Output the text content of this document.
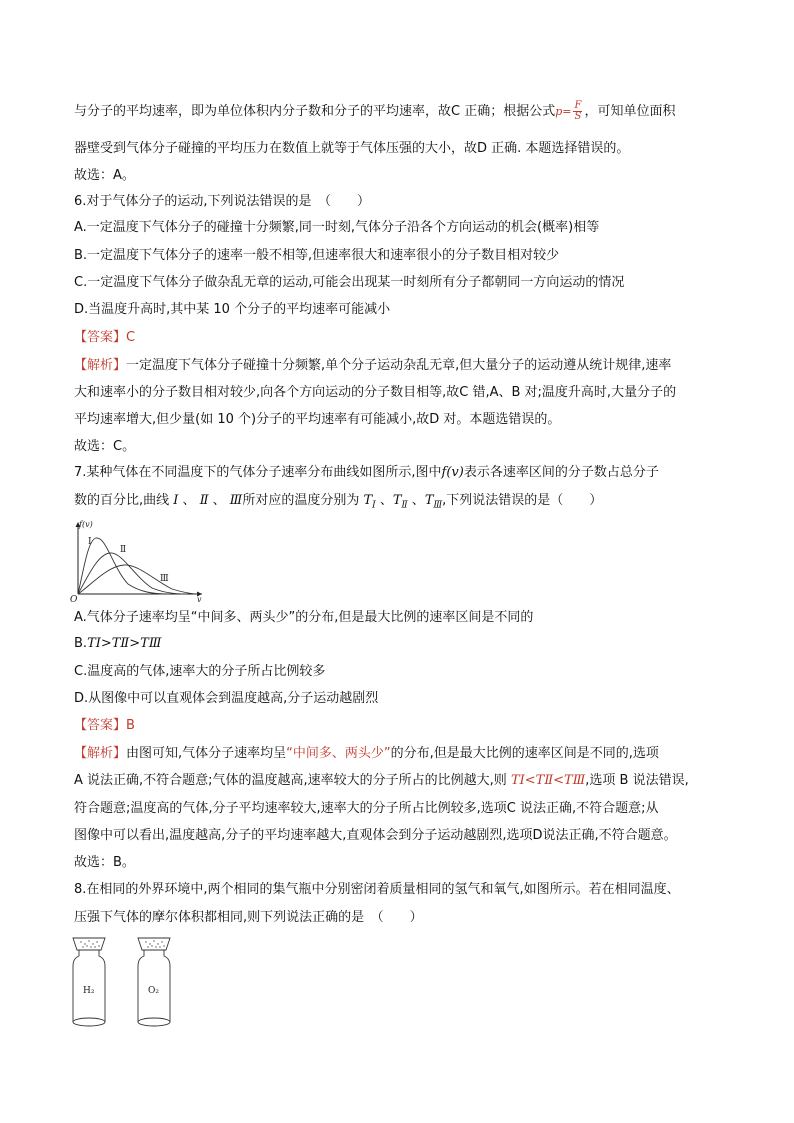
与分子的平均速率，即为单位体积内分子数和分子的平均速率，故C 正确；根据公式$p= \frac{F}{S}$ ，可知单位面积
器壁受到气体分子碰撞的平均压力在数值上就等于气体压强的大小，故D 正确. 本题选择错误的。
故选：A。
6.对于气体分子的运动,下列说法错误的是　（　　）
A.一定温度下气体分子的碰撞十分频繁,同一时刻,气体分子沿各个方向运动的机会(概率)相等
B.一定温度下气体分子的速率一般不相等,但速率很大和速率很小的分子数目相对较少
C.一定温度下气体分子做杂乱无章的运动,可能会出现某一时刻所有分子都朝同一方向运动的情况
D.当温度升高时,其中某 10 个分子的平均速率可能减小
【答案】C
【解析】一定温度下气体分子碰撞十分频繁,单个分子运动杂乱无章,但大量分子的运动遵从统计规律,速率
大和速率小的分子数目相对较少,向各个方向运动的分子数目相等,故C 错,A、B 对;温度升高时,大量分子的
平均速率增大,但少量(如 10 个)分子的平均速率有可能减小,故D 对。本题选错误的。
故选：C。
7.某种气体在不同温度下的气体分子速率分布曲线如图所示,图中f(v)表示各速率区间的分子数占总分子
数的百分比,曲线 Ⅰ 、 Ⅱ 、 Ⅲ所对应的温度分别为 $T_Ⅰ$ 、$T_Ⅱ$ 、$T_Ⅲ$,下列说法错误的是（　　）
f(v)
v
O
Ⅰ
Ⅱ
Ⅲ
A.气体分子速率均呈“中间多、两头少”的分布,但是最大比例的速率区间是不同的
B.TⅠ>TⅡ>TⅢ
C.温度高的气体,速率大的分子所占比例较多
D.从图像中可以直观体会到温度越高,分子运动越剧烈
【答案】B
【解析】由图可知,气体分子速率均呈“中间多、两头少”的分布,但是最大比例的速率区间是不同的,选项
A 说法正确,不符合题意;气体的温度越高,速率较大的分子所占的比例越大,则 TⅠ<TⅡ<TⅢ,选项 B 说法错误,
符合题意;温度高的气体,分子平均速率较大,速率大的分子所占比例较多,选项C 说法正确,不符合题意;从
图像中可以看出,温度越高,分子的平均速率越大,直观体会到分子运动越剧烈,选项D说法正确,不符合题意。
故选：B。
8.在相同的外界环境中,两个相同的集气瓶中分别密闭着质量相同的氢气和氧气,如图所示。若在相同温度、
压强下气体的摩尔体积都相同,则下列说法正确的是　（　　）
H₂	O₂
